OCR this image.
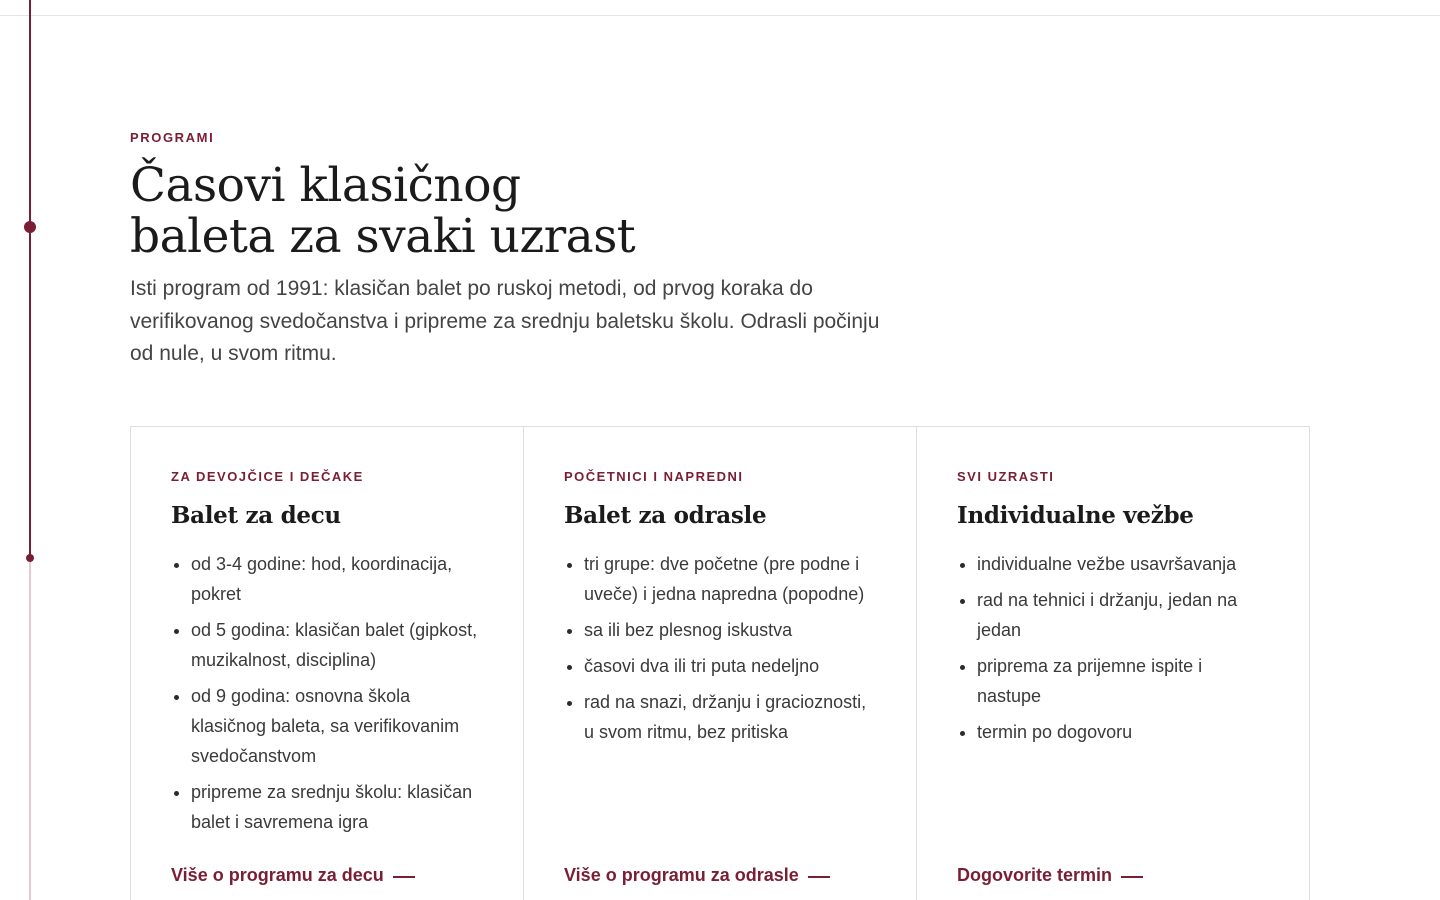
PROGRAMI
Časovi klasičnog
baleta za svaki uzrast

Isti program od 1991: klasičan balet po ruskoj metodi, od prvog koraka do verifikovanog svedočanstva i pripreme za srednju baletsku školu. Odrasli počinju od nule, u svom ritmu.

ZA DEVOJČICE I DEČAKE
Balet za decu
• od 3-4 godine: hod, koordinacija, pokret
• od 5 godina: klasičan balet (gipkost, muzikalnost, disciplina)
• od 9 godina: osnovna škola klasičnog baleta, sa verifikovanim svedočanstvom
• pripreme za srednju školu: klasičan balet i savremena igra
Više o programu za decu
POČETNICI I NAPREDNI
Balet za odrasle
• tri grupe: dve početne (pre podne i uveče) i jedna napredna (popodne)
• sa ili bez plesnog iskustva
• časovi dva ili tri puta nedeljno
• rad na snazi, držanju i gracioznosti, u svom ritmu, bez pritiska
Više o programu za odrasle
SVI UZRASTI
Individualne vežbe
• individualne vežbe usavršavanja
• rad na tehnici i držanju, jedan na jedan
• priprema za prijemne ispite i nastupe
• termin po dogovoru
Dogovorite termin
